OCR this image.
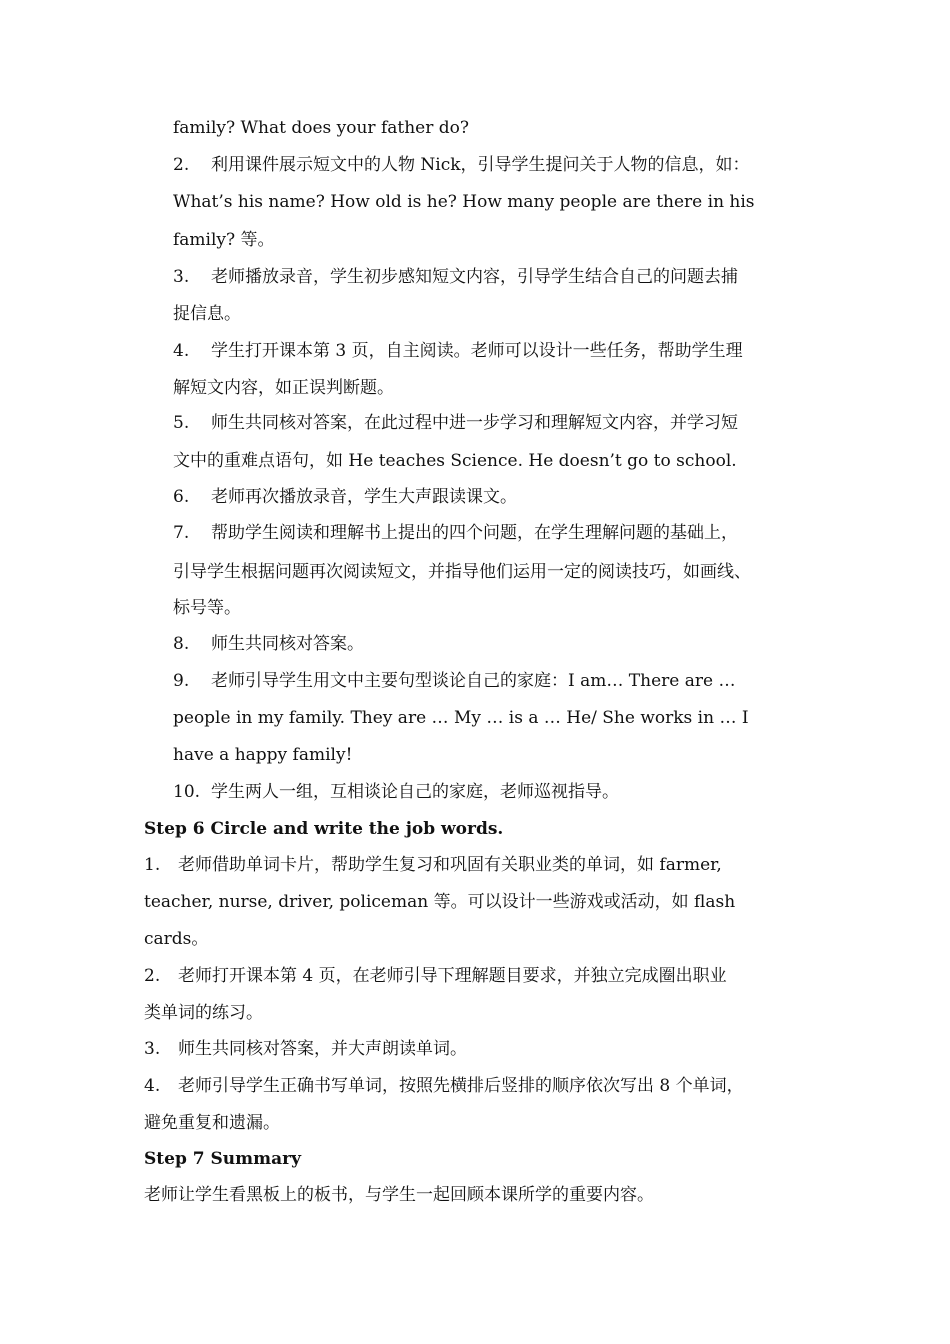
family? What does your father do?
2. 利用课件展示短文中的人物 Nick，引导学生提问关于人物的信息，如：
What’s his name? How old is he? How many people are there in his
family? 等。
3. 老师播放录音，学生初步感知短文内容，引导学生结合自己的问题去捕
捉信息。
4. 学生打开课本第 3 页，自主阅读。老师可以设计一些任务，帮助学生理
解短文内容，如正误判断题。
5. 师生共同核对答案，在此过程中进一步学习和理解短文内容，并学习短
文中的重难点语句，如 He teaches Science. He doesn’t go to school.
6. 老师再次播放录音，学生大声跟读课文。
7. 帮助学生阅读和理解书上提出的四个问题，在学生理解问题的基础上，
引导学生根据问题再次阅读短文，并指导他们运用一定的阅读技巧，如画线、
标号等。
8. 师生共同核对答案。
9. 老师引导学生用文中主要句型谈论自己的家庭：I am… There are …
people in my family. They are … My … is a … He/ She works in … I
have a happy family!
10. 学生两人一组，互相谈论自己的家庭，老师巡视指导。
Step 6 Circle and write the job words.
1. 老师借助单词卡片，帮助学生复习和巩固有关职业类的单词，如 farmer,
teacher, nurse, driver, policeman 等。可以设计一些游戏或活动，如 flash
cards。
2. 老师打开课本第 4 页，在老师引导下理解题目要求，并独立完成圈出职业
类单词的练习。
3. 师生共同核对答案，并大声朗读单词。
4. 老师引导学生正确书写单词，按照先横排后竖排的顺序依次写出 8 个单词，
避免重复和遗漏。
Step 7 Summary
老师让学生看黑板上的板书，与学生一起回顾本课所学的重要内容。
